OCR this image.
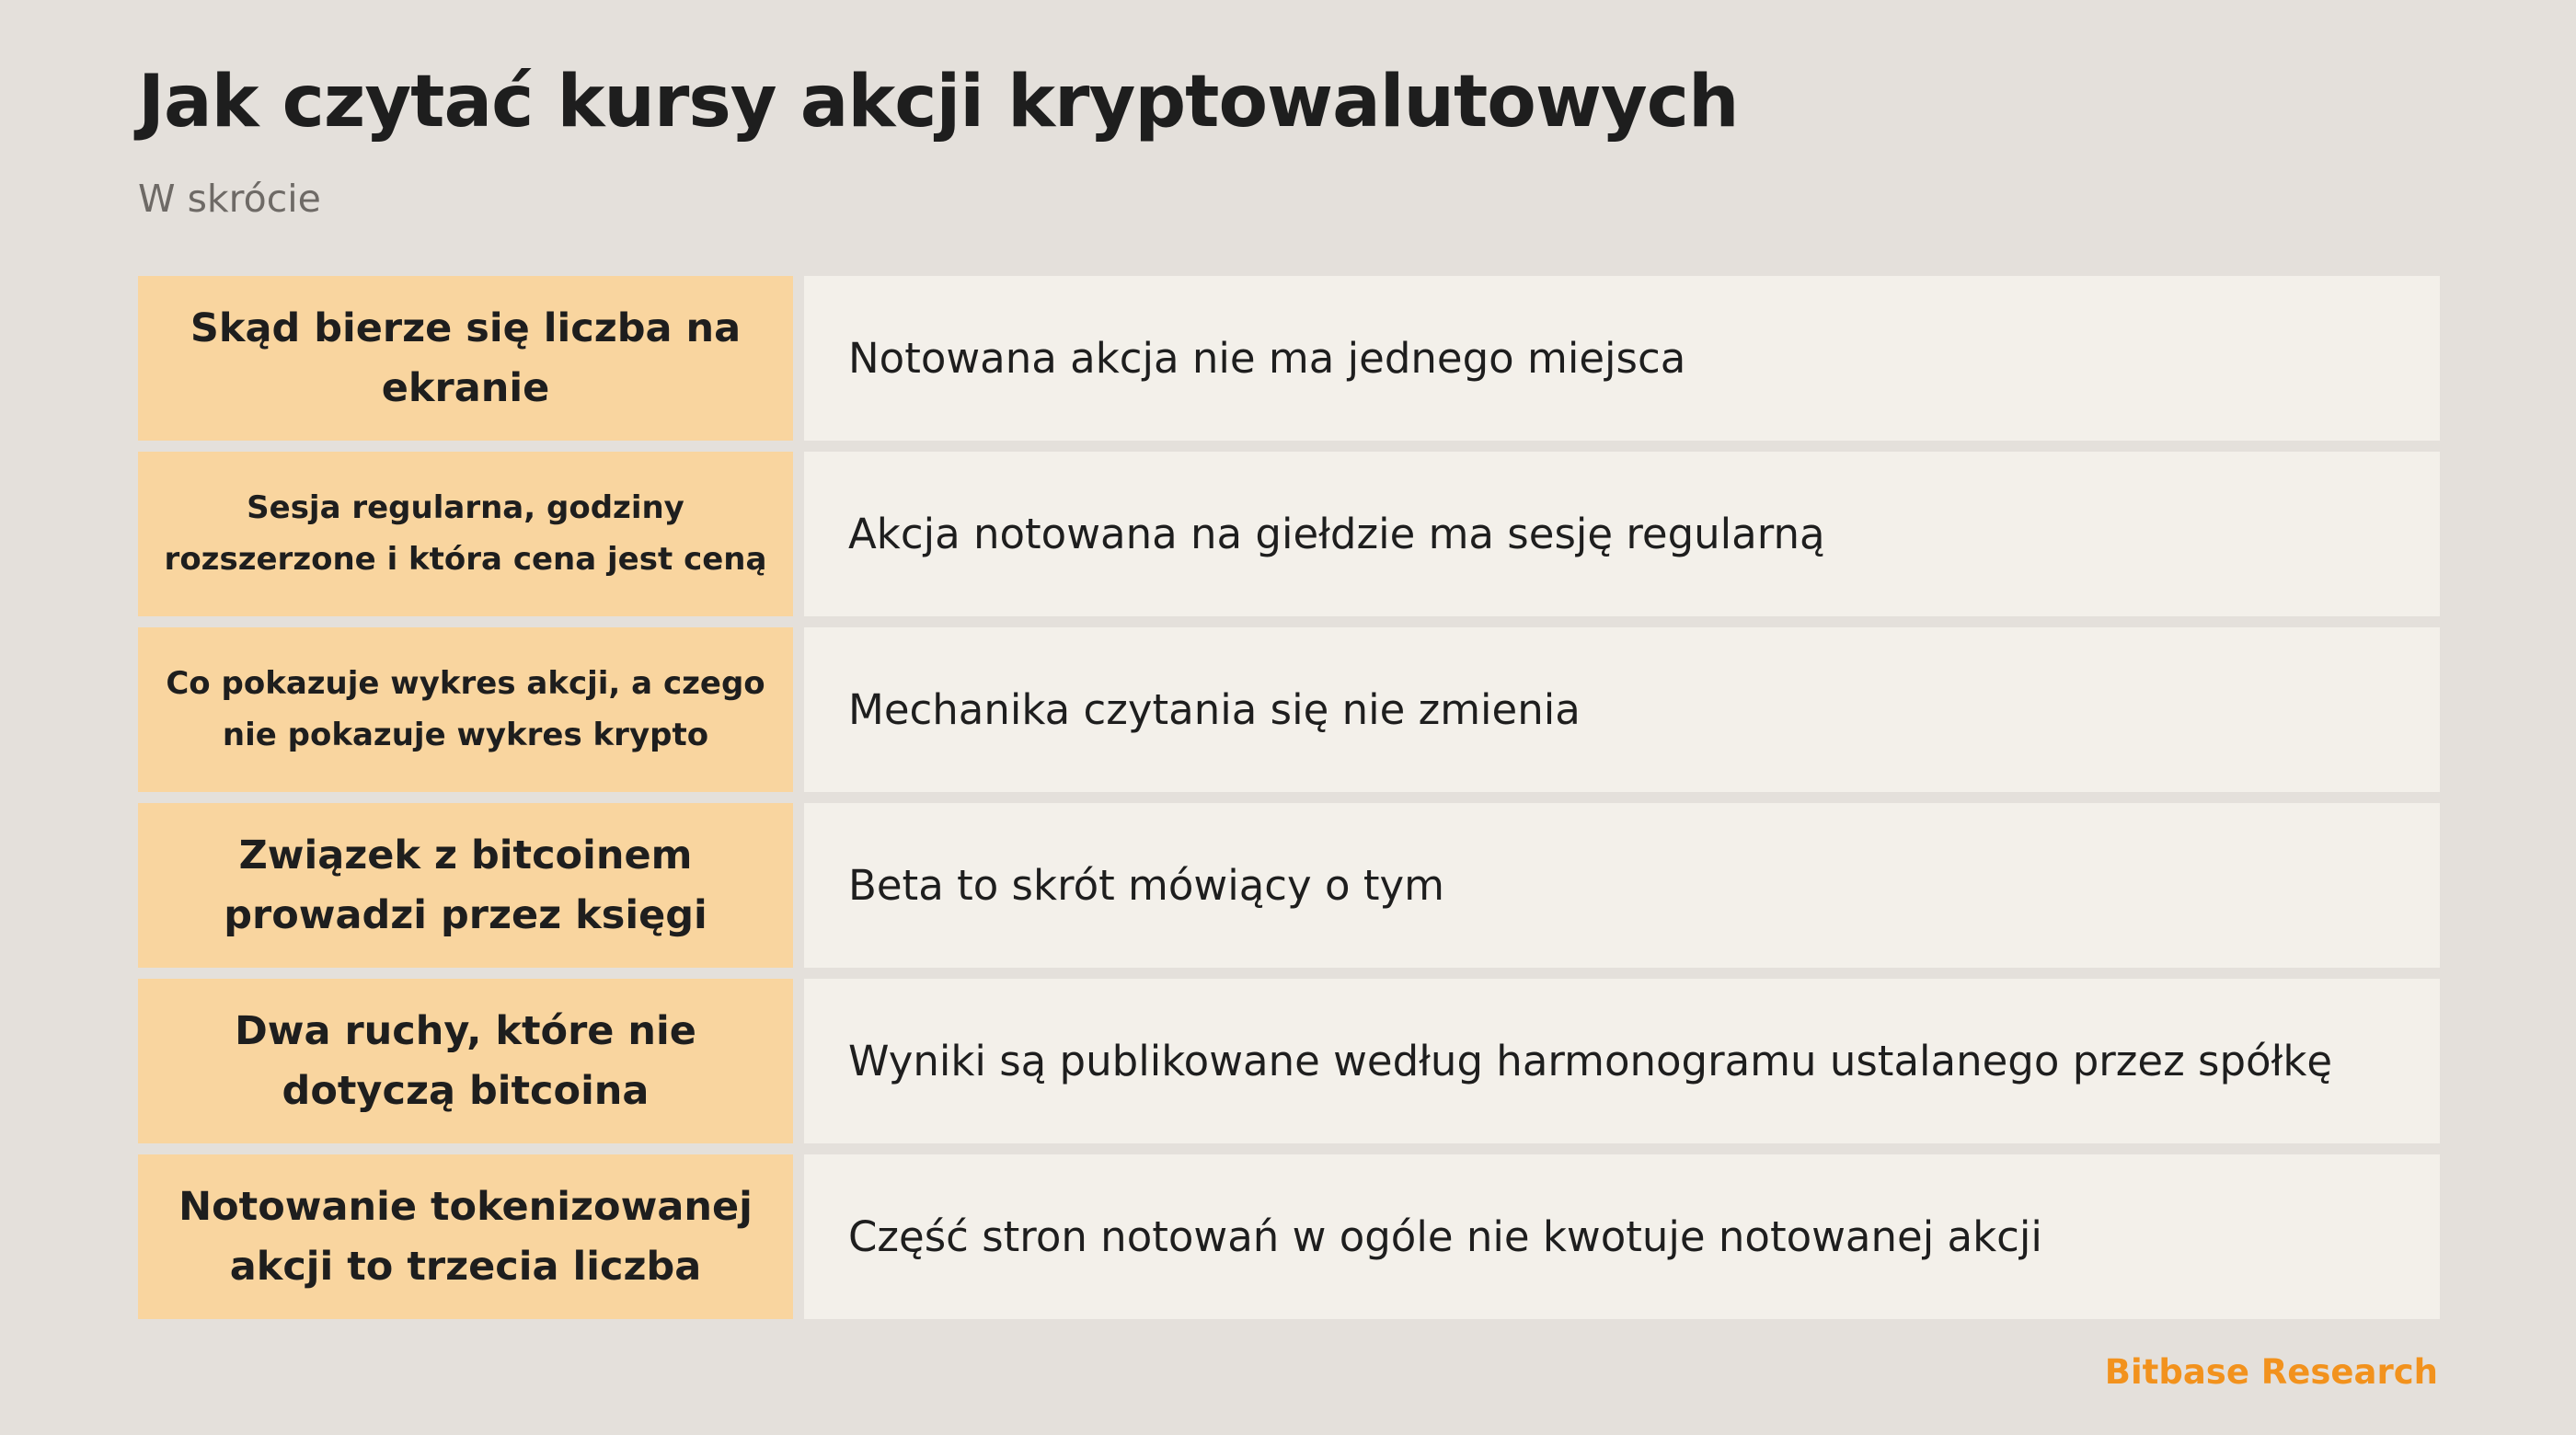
Jak czytać kursy akcji kryptowalutowych

W skrócie

Skąd bierze się liczba na ekranie
Notowana akcja nie ma jednego miejsca
Sesja regularna, godziny rozszerzone i która cena jest ceną
Akcja notowana na giełdzie ma sesję regularną
Co pokazuje wykres akcji, a czego nie pokazuje wykres krypto
Mechanika czytania się nie zmienia
Związek z bitcoinem prowadzi przez księgi
Beta to skrót mówiący o tym
Dwa ruchy, które nie dotyczą bitcoina
Wyniki są publikowane według harmonogramu ustalanego przez spółkę
Notowanie tokenizowanej akcji to trzecia liczba
Część stron notowań w ogóle nie kwotuje notowanej akcji
Bitbase Research
